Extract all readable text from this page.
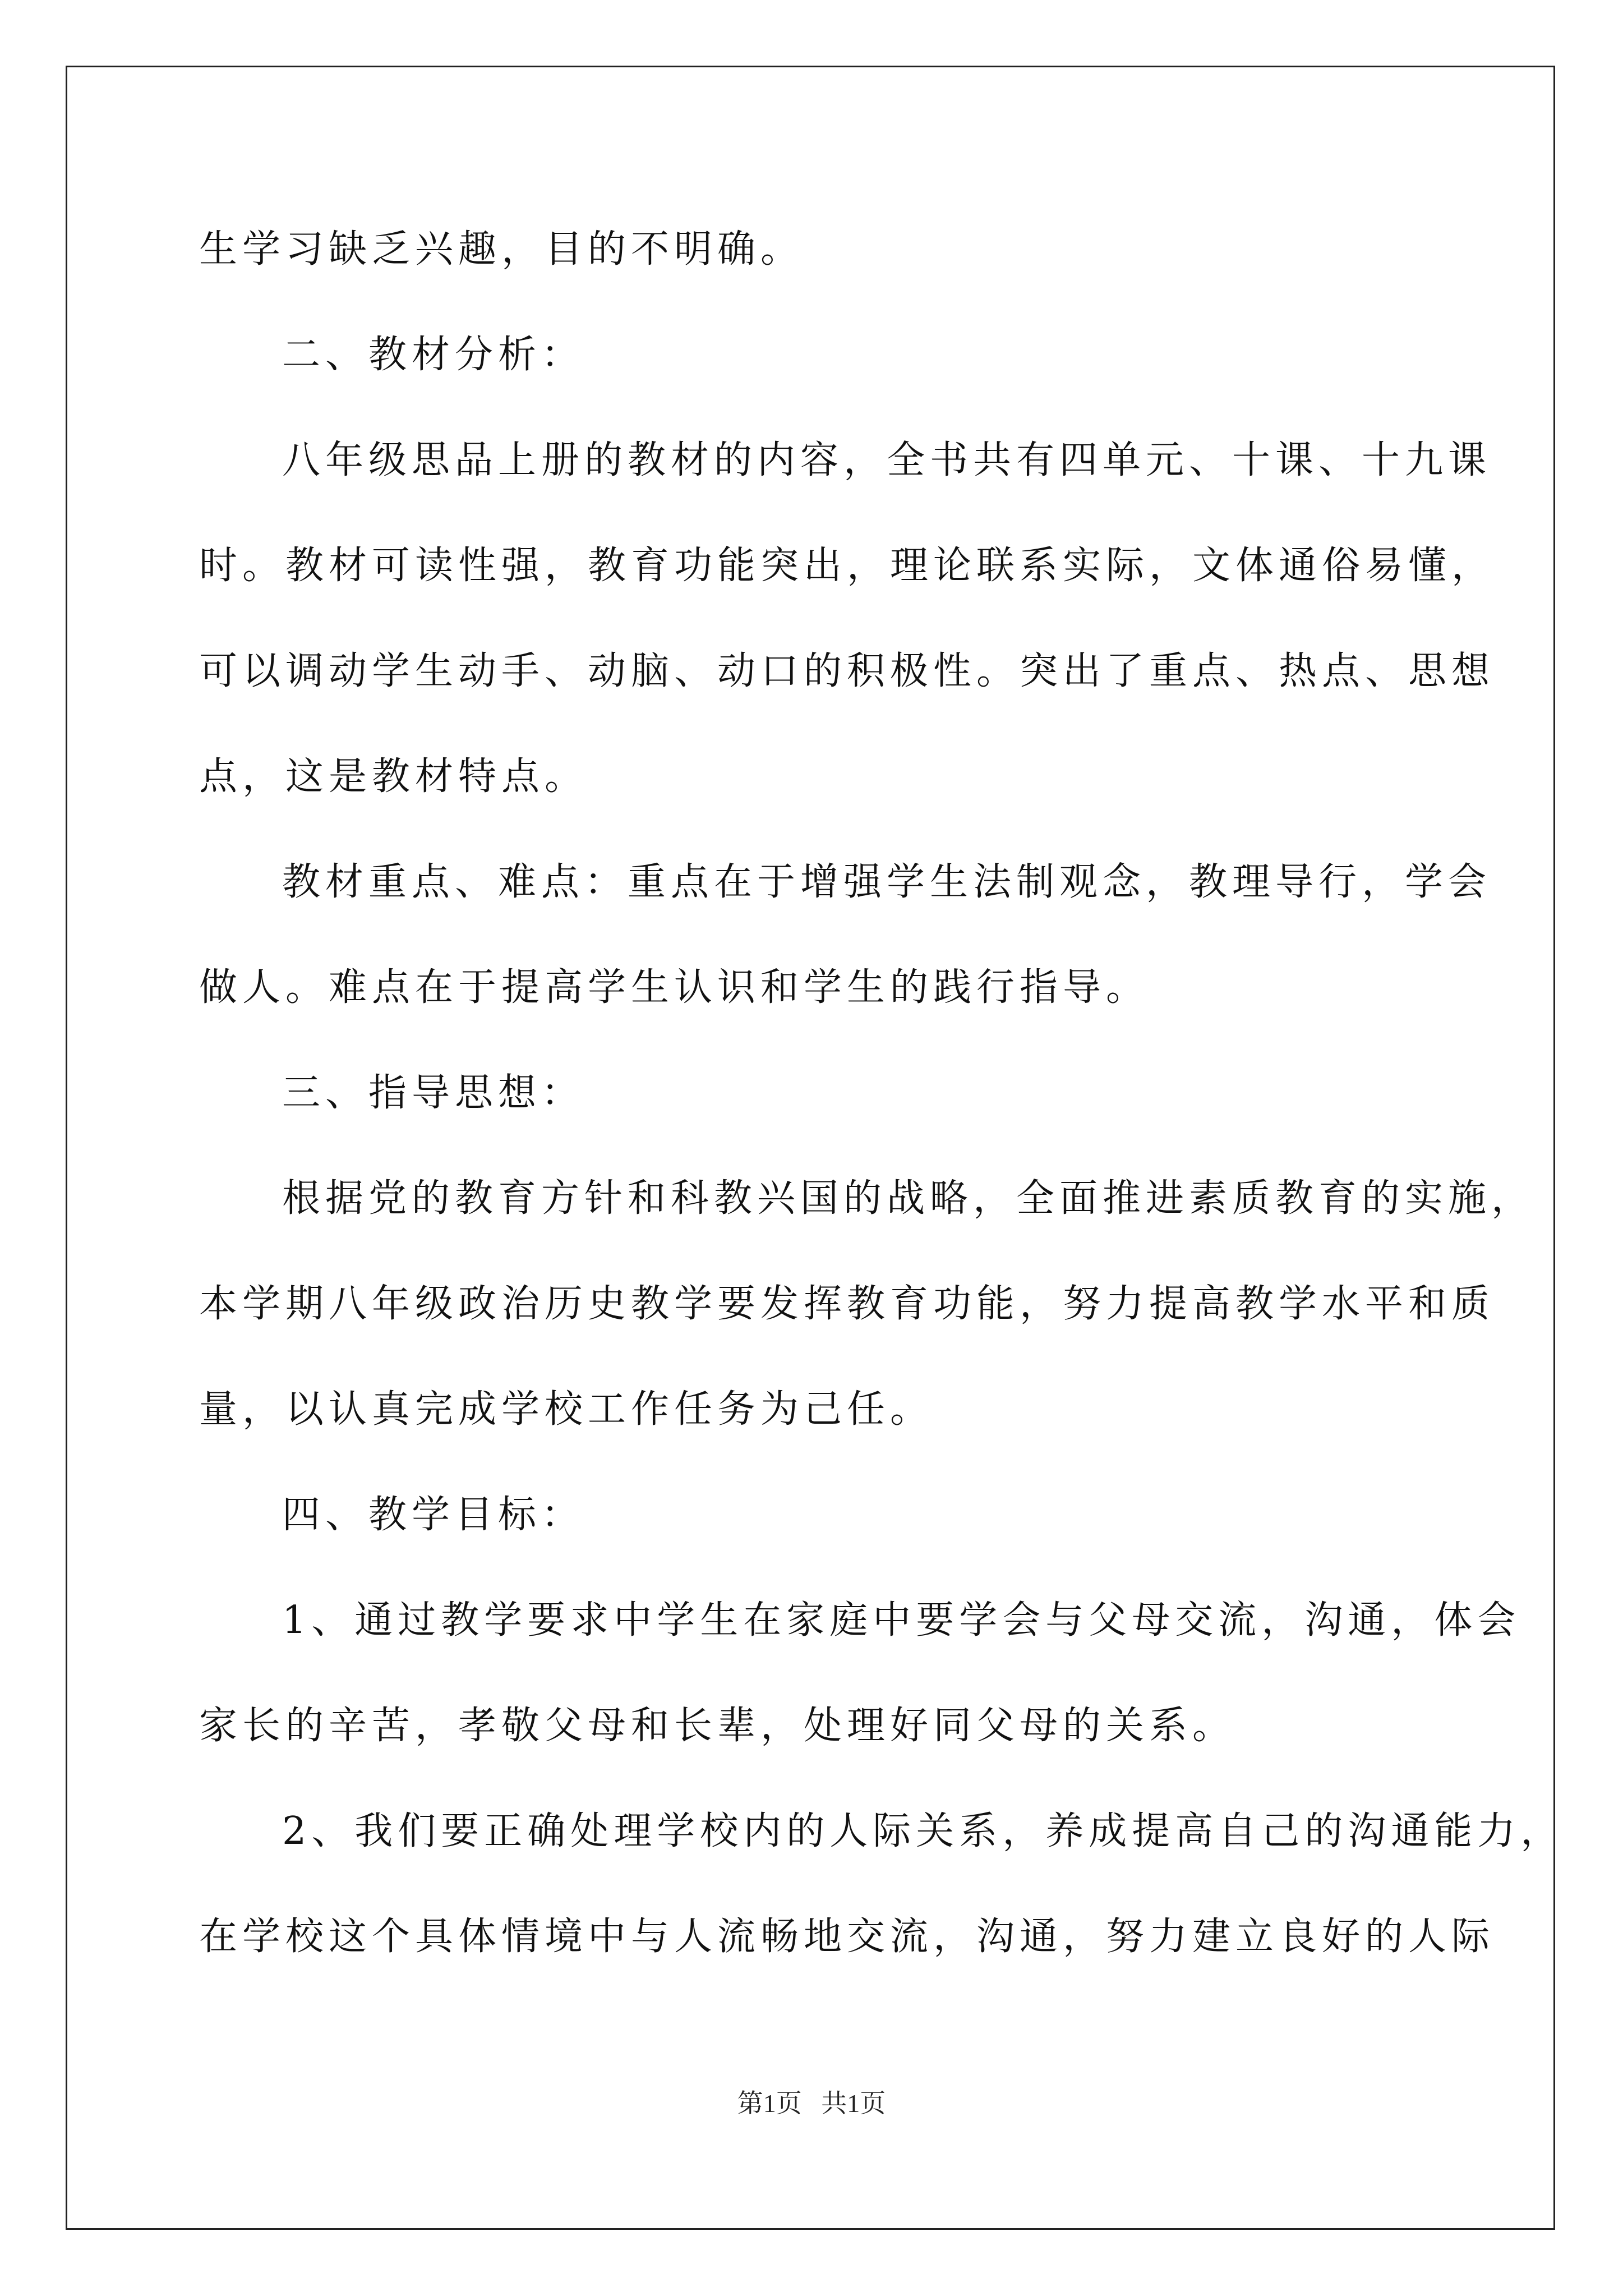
生学习缺乏兴趣，目的不明确。
二、教材分析：
八年级思品上册的教材的内容，全书共有四单元、十课、十九课
时。教材可读性强，教育功能突出，理论联系实际，文体通俗易懂，
可以调动学生动手、动脑、动口的积极性。突出了重点、热点、思想
点，这是教材特点。
教材重点、难点：重点在于增强学生法制观念，教理导行，学会
做人。难点在于提高学生认识和学生的践行指导。
三、指导思想：
根据党的教育方针和科教兴国的战略，全面推进素质教育的实施，
本学期八年级政治历史教学要发挥教育功能，努力提高教学水平和质
量，以认真完成学校工作任务为己任。
四、教学目标：
1、通过教学要求中学生在家庭中要学会与父母交流，沟通，体会
家长的辛苦，孝敬父母和长辈，处理好同父母的关系。
2、我们要正确处理学校内的人际关系，养成提高自己的沟通能力，
在学校这个具体情境中与人流畅地交流，沟通，努力建立良好的人际
第1页   共1页
